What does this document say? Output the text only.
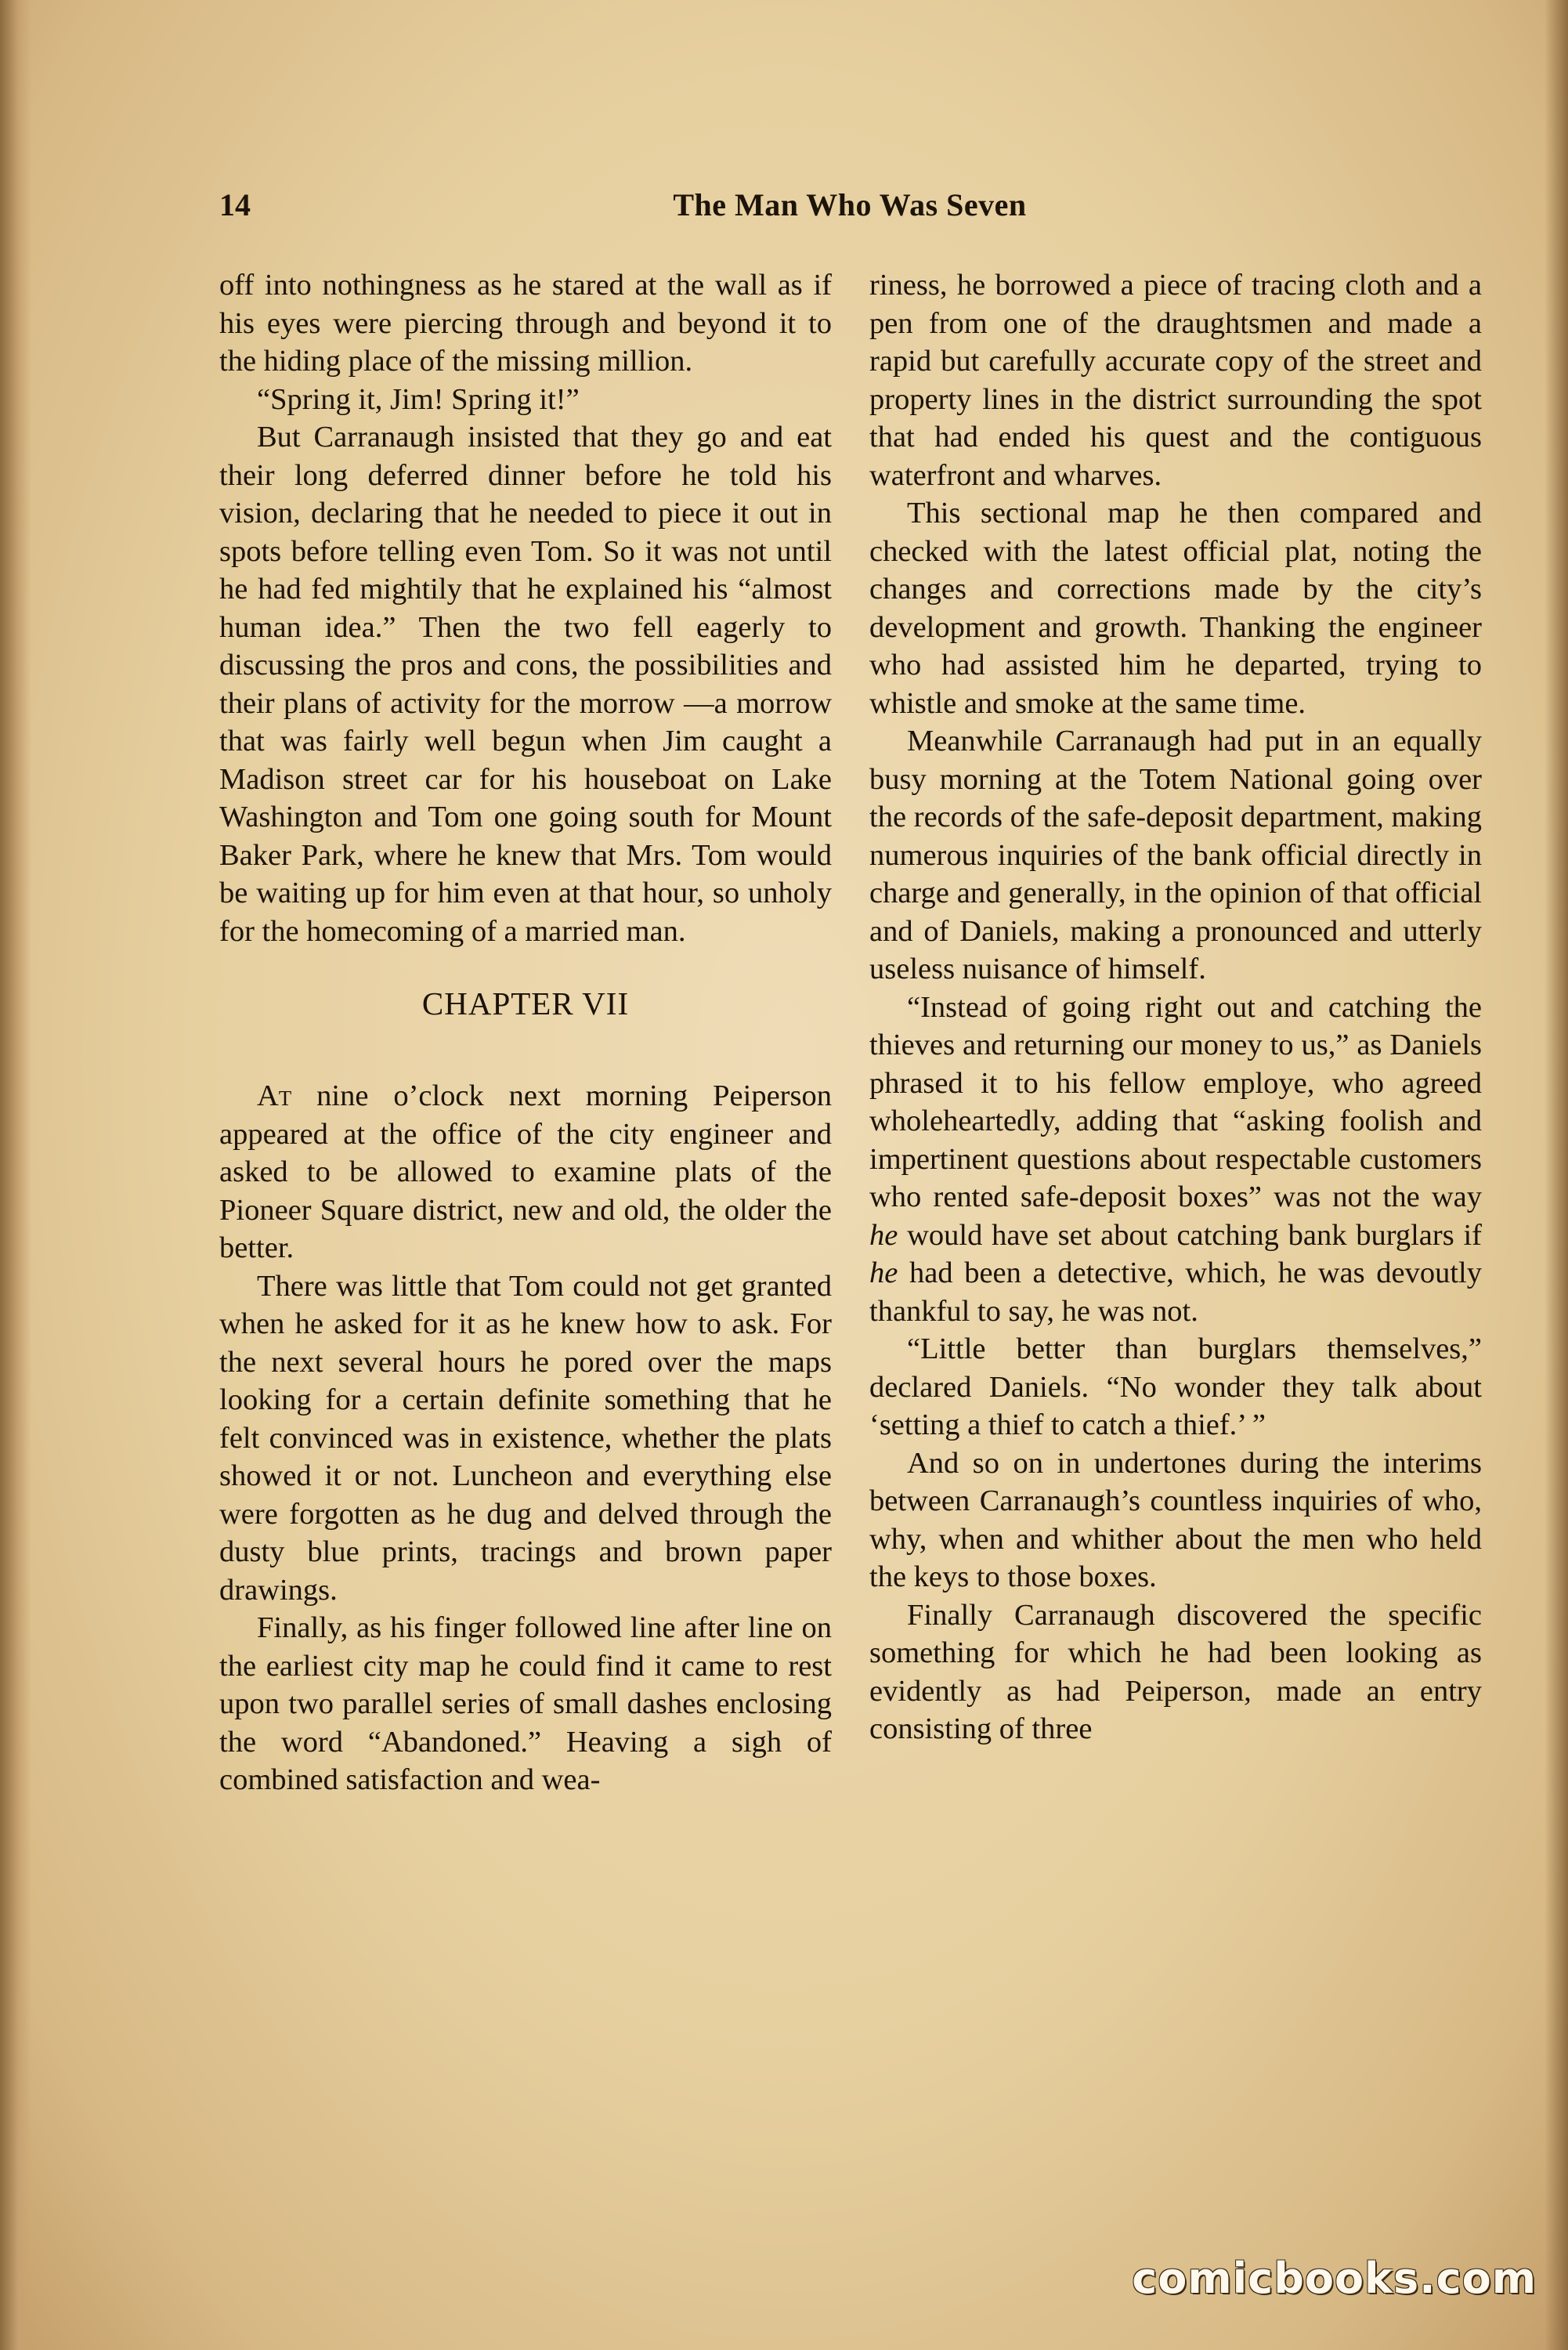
14	The Man Who Was Seven

off into nothingness as he stared at the wall as if his eyes were piercing through and beyond it to the hiding place of the missing million.

“Spring it, Jim! Spring it!”

But Carranaugh insisted that they go and eat their long deferred dinner before he told his vision, declaring that he needed to piece it out in spots before telling even Tom. So it was not until he had fed mightily that he explained his “almost human idea.” Then the two fell eagerly to discussing the pros and cons, the possibilities and their plans of activity for the morrow —a morrow that was fairly well begun when Jim caught a Madison street car for his houseboat on Lake Washington and Tom one going south for Mount Baker Park, where he knew that Mrs. Tom would be waiting up for him even at that hour, so unholy for the homecoming of a married man.

CHAPTER VII

At nine o’clock next morning Peiperson appeared at the office of the city engineer and asked to be allowed to examine plats of the Pioneer Square district, new and old, the older the better.

There was little that Tom could not get granted when he asked for it as he knew how to ask. For the next several hours he pored over the maps looking for a certain definite something that he felt convinced was in existence, whether the plats showed it or not. Luncheon and everything else were forgotten as he dug and delved through the dusty blue prints, tracings and brown paper drawings.

Finally, as his finger followed line after line on the earliest city map he could find it came to rest upon two parallel series of small dashes enclosing the word “Abandoned.” Heaving a sigh of combined satisfaction and wea-

riness, he borrowed a piece of tracing cloth and a pen from one of the draughtsmen and made a rapid but carefully accurate copy of the street and property lines in the district surrounding the spot that had ended his quest and the contiguous waterfront and wharves.

This sectional map he then compared and checked with the latest official plat, noting the changes and corrections made by the city’s development and growth. Thanking the engineer who had assisted him he departed, trying to whistle and smoke at the same time.

Meanwhile Carranaugh had put in an equally busy morning at the Totem National going over the records of the safe-deposit department, making numerous inquiries of the bank official directly in charge and generally, in the opinion of that official and of Daniels, making a pronounced and utterly useless nuisance of himself.

“Instead of going right out and catching the thieves and returning our money to us,” as Daniels phrased it to his fellow employe, who agreed wholeheartedly, adding that “asking foolish and impertinent questions about respectable customers who rented safe-deposit boxes” was not the way he would have set about catching bank burglars if he had been a detective, which, he was devoutly thankful to say, he was not.

“Little better than burglars themselves,” declared Daniels. “No wonder they talk about ‘setting a thief to catch a thief.’ ”

And so on in undertones during the interims between Carranaugh’s countless inquiries of who, why, when and whither about the men who held the keys to those boxes.

Finally Carranaugh discovered the specific something for which he had been looking as evidently as had Peiperson, made an entry consisting of three

comicbooks.com
